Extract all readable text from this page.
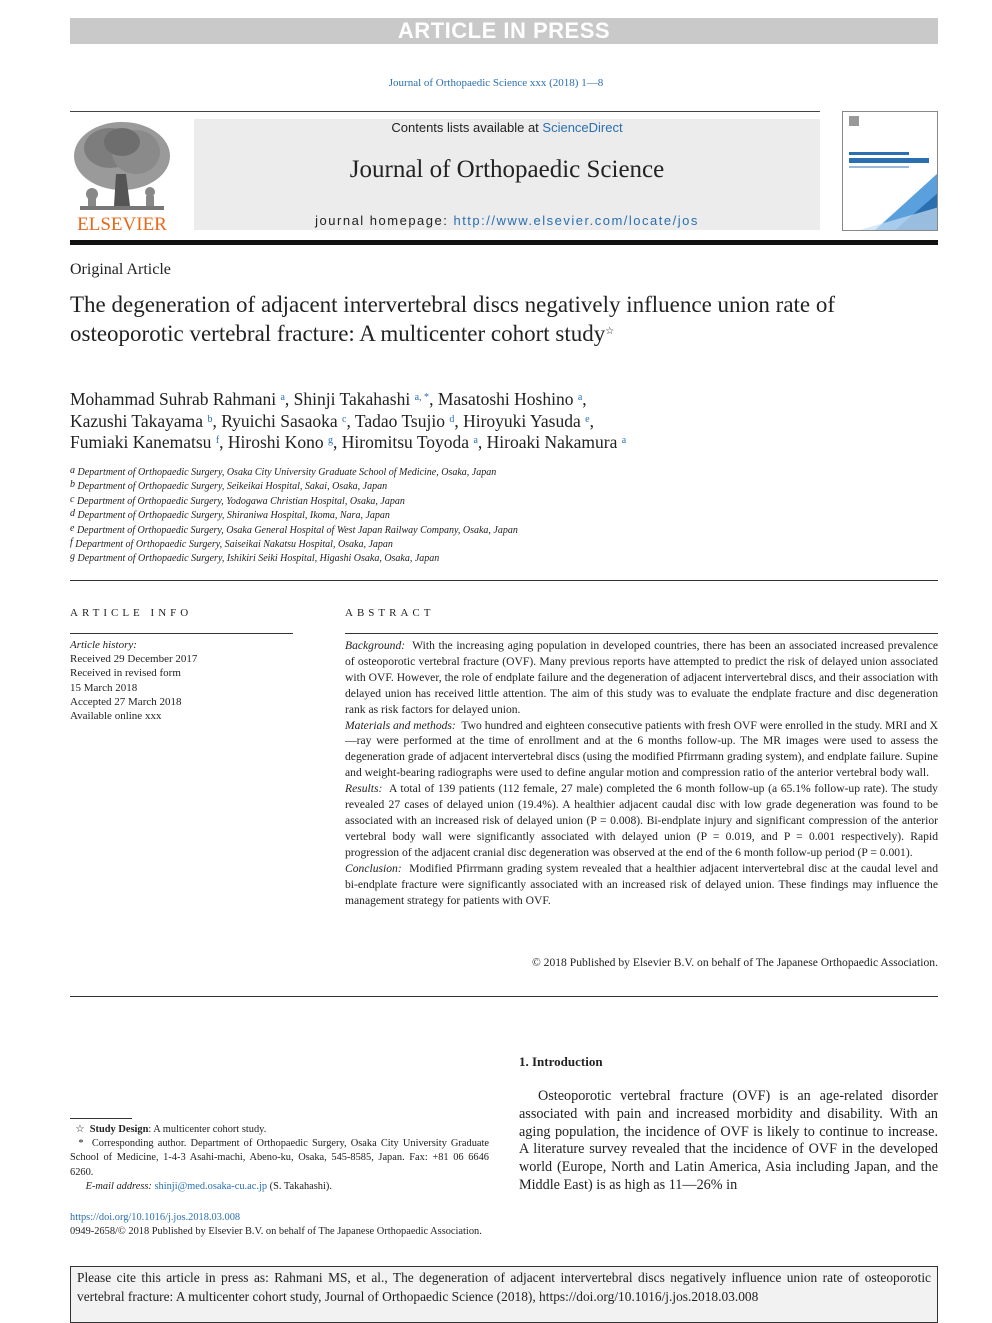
ARTICLE IN PRESS
Journal of Orthopaedic Science xxx (2018) 1—8
ELSEVIER
Contents lists available at ScienceDirect
Journal of Orthopaedic Science
journal homepage: http://www.elsevier.com/locate/jos
Original Article
The degeneration of adjacent intervertebral discs negatively influence union rate of osteoporotic vertebral fracture: A multicenter cohort study☆
Mohammad Suhrab Rahmani $^a$, Shinji Takahashi $^{a, *}$, Masatoshi Hoshino $^a$,
Kazushi Takayama $^b$, Ryuichi Sasaoka $^c$, Tadao Tsujio $^d$, Hiroyuki Yasuda $^e$,
Fumiaki Kanematsu $^f$, Hiroshi Kono $^g$, Hiromitsu Toyoda $^a$, Hiroaki Nakamura $^a$
$^a$ Department of Orthopaedic Surgery, Osaka City University Graduate School of Medicine, Osaka, Japan
$^b$ Department of Orthopaedic Surgery, Seikeikai Hospital, Sakai, Osaka, Japan
$^c$ Department of Orthopaedic Surgery, Yodogawa Christian Hospital, Osaka, Japan
$^d$ Department of Orthopaedic Surgery, Shiraniwa Hospital, Ikoma, Nara, Japan
$^e$ Department of Orthopaedic Surgery, Osaka General Hospital of West Japan Railway Company, Osaka, Japan
$^f$ Department of Orthopaedic Surgery, Saiseikai Nakatsu Hospital, Osaka, Japan
$^g$ Department of Orthopaedic Surgery, Ishikiri Seiki Hospital, Higashi Osaka, Osaka, Japan
ARTICLE INFO
Article history:
Received 29 December 2017
Received in revised form
15 March 2018
Accepted 27 March 2018
Available online xxx
ABSTRACT

Background: With the increasing aging population in developed countries, there has been an associated increased prevalence of osteoporotic vertebral fracture (OVF). Many previous reports have attempted to predict the risk of delayed union associated with OVF. However, the role of endplate failure and the degeneration of adjacent intervertebral discs, and their association with delayed union has received little attention. The aim of this study was to evaluate the endplate fracture and disc degeneration rank as risk factors for delayed union.

Materials and methods: Two hundred and eighteen consecutive patients with fresh OVF were enrolled in the study. MRI and X—ray were performed at the time of enrollment and at the 6 months follow-up. The MR images were used to assess the degeneration grade of adjacent intervertebral discs (using the modified Pfirrmann grading system), and endplate failure. Supine and weight-bearing radiographs were used to define angular motion and compression ratio of the anterior vertebral body wall.

Results: A total of 139 patients (112 female, 27 male) completed the 6 month follow-up (a 65.1% follow-up rate). The study revealed 27 cases of delayed union (19.4%). A healthier adjacent caudal disc with low grade degeneration was found to be associated with an increased risk of delayed union (P = 0.008). Bi-endplate injury and significant compression of the anterior vertebral body wall were significantly associated with delayed union (P = 0.019, and P = 0.001 respectively). Rapid progression of the adjacent cranial disc degeneration was observed at the end of the 6 month follow-up period (P = 0.001).

Conclusion: Modified Pfirrmann grading system revealed that a healthier adjacent intervertebral disc at the caudal level and bi-endplate fracture were significantly associated with an increased risk of delayed union. These findings may influence the management strategy for patients with OVF.

© 2018 Published by Elsevier B.V. on behalf of The Japanese Orthopaedic Association.
1. Introduction
Osteoporotic vertebral fracture (OVF) is an age-related disorder associated with pain and increased morbidity and disability. With an aging population, the incidence of OVF is likely to continue to increase. A literature survey revealed that the incidence of OVF in the developed world (Europe, North and Latin America, Asia including Japan, and the Middle East) is as high as 11—26% in

☆ Study Design: A multicenter cohort study.

* Corresponding author. Department of Orthopaedic Surgery, Osaka City University Graduate School of Medicine, 1-4-3 Asahi-machi, Abeno-ku, Osaka, 545-8585, Japan. Fax: +81 06 6646 6260.

E-mail address: shinji@med.osaka-cu.ac.jp (S. Takahashi).

https://doi.org/10.1016/j.jos.2018.03.008
0949-2658/© 2018 Published by Elsevier B.V. on behalf of The Japanese Orthopaedic Association.
Please cite this article in press as: Rahmani MS, et al., The degeneration of adjacent intervertebral discs negatively influence union rate of osteoporotic vertebral fracture: A multicenter cohort study, Journal of Orthopaedic Science (2018), https://doi.org/10.1016/j.jos.2018.03.008
